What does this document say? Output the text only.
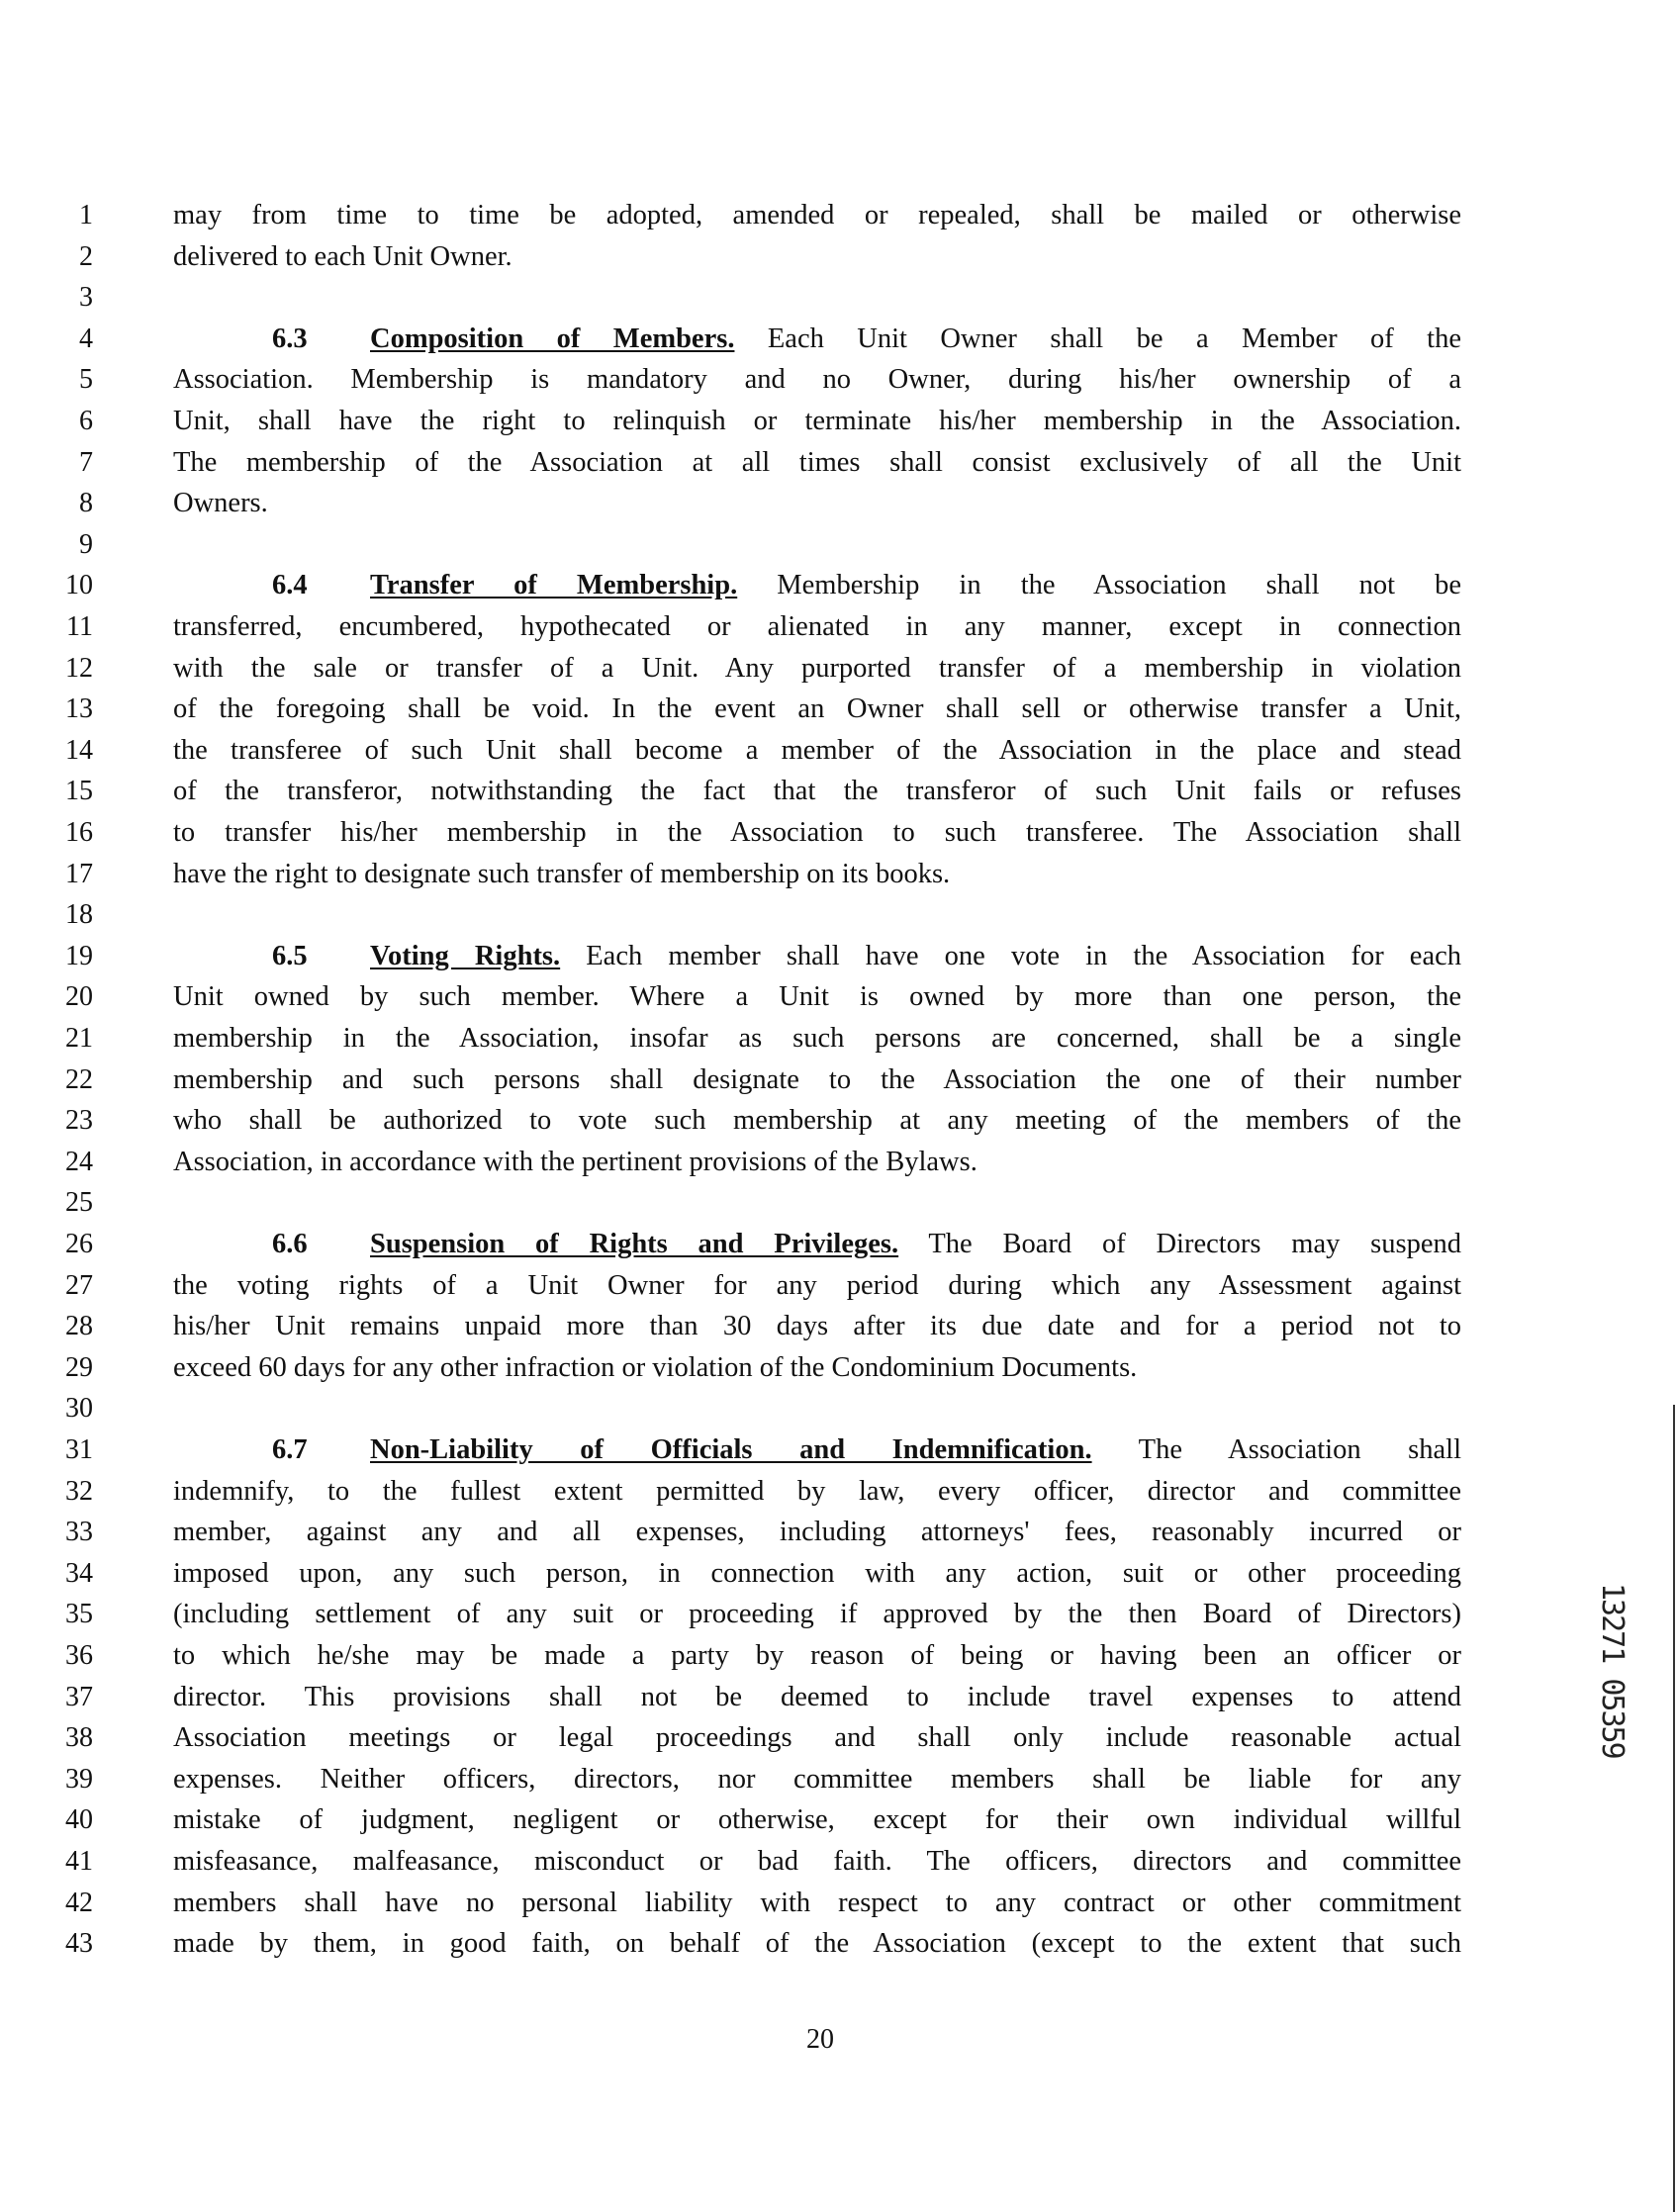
1	may from time to time be adopted, amended or repealed, shall be mailed or otherwise
2	delivered to each Unit Owner.
3
4	6.3 Composition of Members. Each Unit Owner shall be a Member of the
5	Association. Membership is mandatory and no Owner, during his/her ownership of a
6	Unit, shall have the right to relinquish or terminate his/her membership in the Association.
7	The membership of the Association at all times shall consist exclusively of all the Unit
8	Owners.
9
10	6.4 Transfer of Membership. Membership in the Association shall not be
11	transferred, encumbered, hypothecated or alienated in any manner, except in connection
12	with the sale or transfer of a Unit. Any purported transfer of a membership in violation
13	of the foregoing shall be void. In the event an Owner shall sell or otherwise transfer a Unit,
14	the transferee of such Unit shall become a member of the Association in the place and stead
15	of the transferor, notwithstanding the fact that the transferor of such Unit fails or refuses
16	to transfer his/her membership in the Association to such transferee. The Association shall
17	have the right to designate such transfer of membership on its books.
18
19	6.5 Voting Rights. Each member shall have one vote in the Association for each
20	Unit owned by such member. Where a Unit is owned by more than one person, the
21	membership in the Association, insofar as such persons are concerned, shall be a single
22	membership and such persons shall designate to the Association the one of their number
23	who shall be authorized to vote such membership at any meeting of the members of the
24	Association, in accordance with the pertinent provisions of the Bylaws.
25
26	6.6 Suspension of Rights and Privileges. The Board of Directors may suspend
27	the voting rights of a Unit Owner for any period during which any Assessment against
28	his/her Unit remains unpaid more than 30 days after its due date and for a period not to
29	exceed 60 days for any other infraction or violation of the Condominium Documents.
30
31	6.7 Non-Liability of Officials and Indemnification. The Association shall
32	indemnify, to the fullest extent permitted by law, every officer, director and committee
33	member, against any and all expenses, including attorneys' fees, reasonably incurred or
34	imposed upon, any such person, in connection with any action, suit or other proceeding
35	(including settlement of any suit or proceeding if approved by the then Board of Directors)
36	to which he/she may be made a party by reason of being or having been an officer or
37	director. This provisions shall not be deemed to include travel expenses to attend
38	Association meetings or legal proceedings and shall only include reasonable actual
39	expenses. Neither officers, directors, nor committee members shall be liable for any
40	mistake of judgment, negligent or otherwise, except for their own individual willful
41	misfeasance, malfeasance, misconduct or bad faith. The officers, directors and committee
42	members shall have no personal liability with respect to any contract or other commitment
43	made by them, in good faith, on behalf of the Association (except to the extent that such
20
13271 05359
